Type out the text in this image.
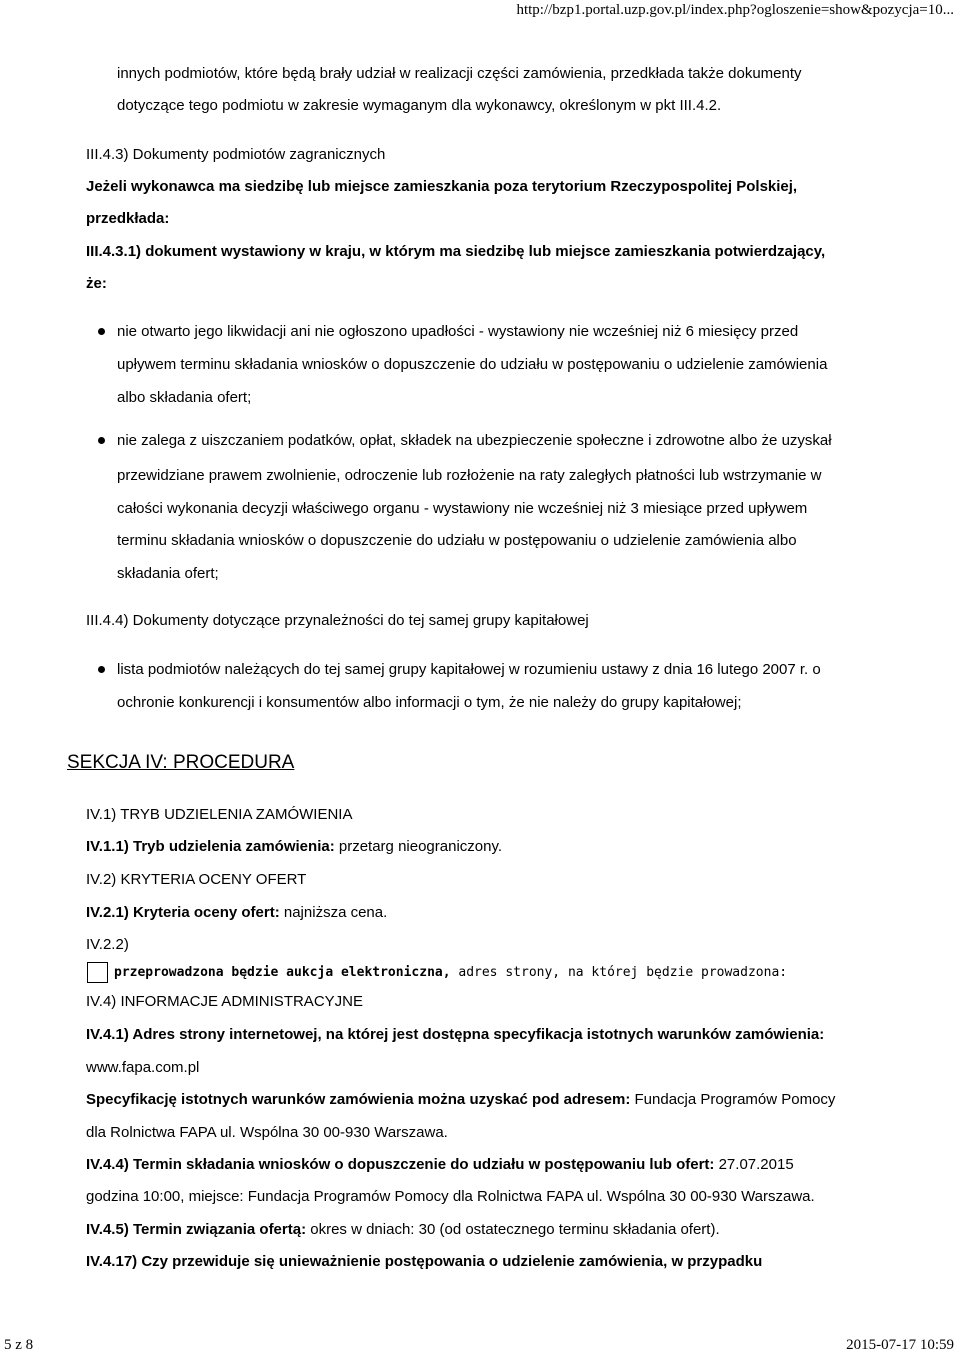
http://bzp1.portal.uzp.gov.pl/index.php?ogloszenie=show&pozycja=10...
innych podmiotów, które będą brały udział w realizacji części zamówienia, przedkłada także dokumenty
dotyczące tego podmiotu w zakresie wymaganym dla wykonawcy, określonym w pkt III.4.2.
III.4.3) Dokumenty podmiotów zagranicznych
Jeżeli wykonawca ma siedzibę lub miejsce zamieszkania poza terytorium Rzeczypospolitej Polskiej,
przedkłada:
III.4.3.1) dokument wystawiony w kraju, w którym ma siedzibę lub miejsce zamieszkania potwierdzający,
że:
nie otwarto jego likwidacji ani nie ogłoszono upadłości - wystawiony nie wcześniej niż 6 miesięcy przed
upływem terminu składania wniosków o dopuszczenie do udziału w postępowaniu o udzielenie zamówienia
albo składania ofert;
nie zalega z uiszczaniem podatków, opłat, składek na ubezpieczenie społeczne i zdrowotne albo że uzyskał
przewidziane prawem zwolnienie, odroczenie lub rozłożenie na raty zaległych płatności lub wstrzymanie w
całości wykonania decyzji właściwego organu - wystawiony nie wcześniej niż 3 miesiące przed upływem
terminu składania wniosków o dopuszczenie do udziału w postępowaniu o udzielenie zamówienia albo
składania ofert;
III.4.4) Dokumenty dotyczące przynależności do tej samej grupy kapitałowej
lista podmiotów należących do tej samej grupy kapitałowej w rozumieniu ustawy z dnia 16 lutego 2007 r. o
ochronie konkurencji i konsumentów albo informacji o tym, że nie należy do grupy kapitałowej;
SEKCJA IV: PROCEDURA
IV.1) TRYB UDZIELENIA ZAMÓWIENIA
IV.1.1) Tryb udzielenia zamówienia: przetarg nieograniczony.
IV.2) KRYTERIA OCENY OFERT
IV.2.1) Kryteria oceny ofert: najniższa cena.
IV.2.2)
przeprowadzona będzie aukcja elektroniczna, adres strony, na której będzie prowadzona:
IV.4) INFORMACJE ADMINISTRACYJNE
IV.4.1) Adres strony internetowej, na której jest dostępna specyfikacja istotnych warunków zamówienia:
www.fapa.com.pl
Specyfikację istotnych warunków zamówienia można uzyskać pod adresem: Fundacja Programów Pomocy
dla Rolnictwa FAPA ul. Wspólna 30 00-930 Warszawa.
IV.4.4) Termin składania wniosków o dopuszczenie do udziału w postępowaniu lub ofert: 27.07.2015
godzina 10:00, miejsce: Fundacja Programów Pomocy dla Rolnictwa FAPA ul. Wspólna 30 00-930 Warszawa.
IV.4.5) Termin związania ofertą: okres w dniach: 30 (od ostatecznego terminu składania ofert).
IV.4.17) Czy przewiduje się unieważnienie postępowania o udzielenie zamówienia, w przypadku
5 z 8	2015-07-17 10:59
